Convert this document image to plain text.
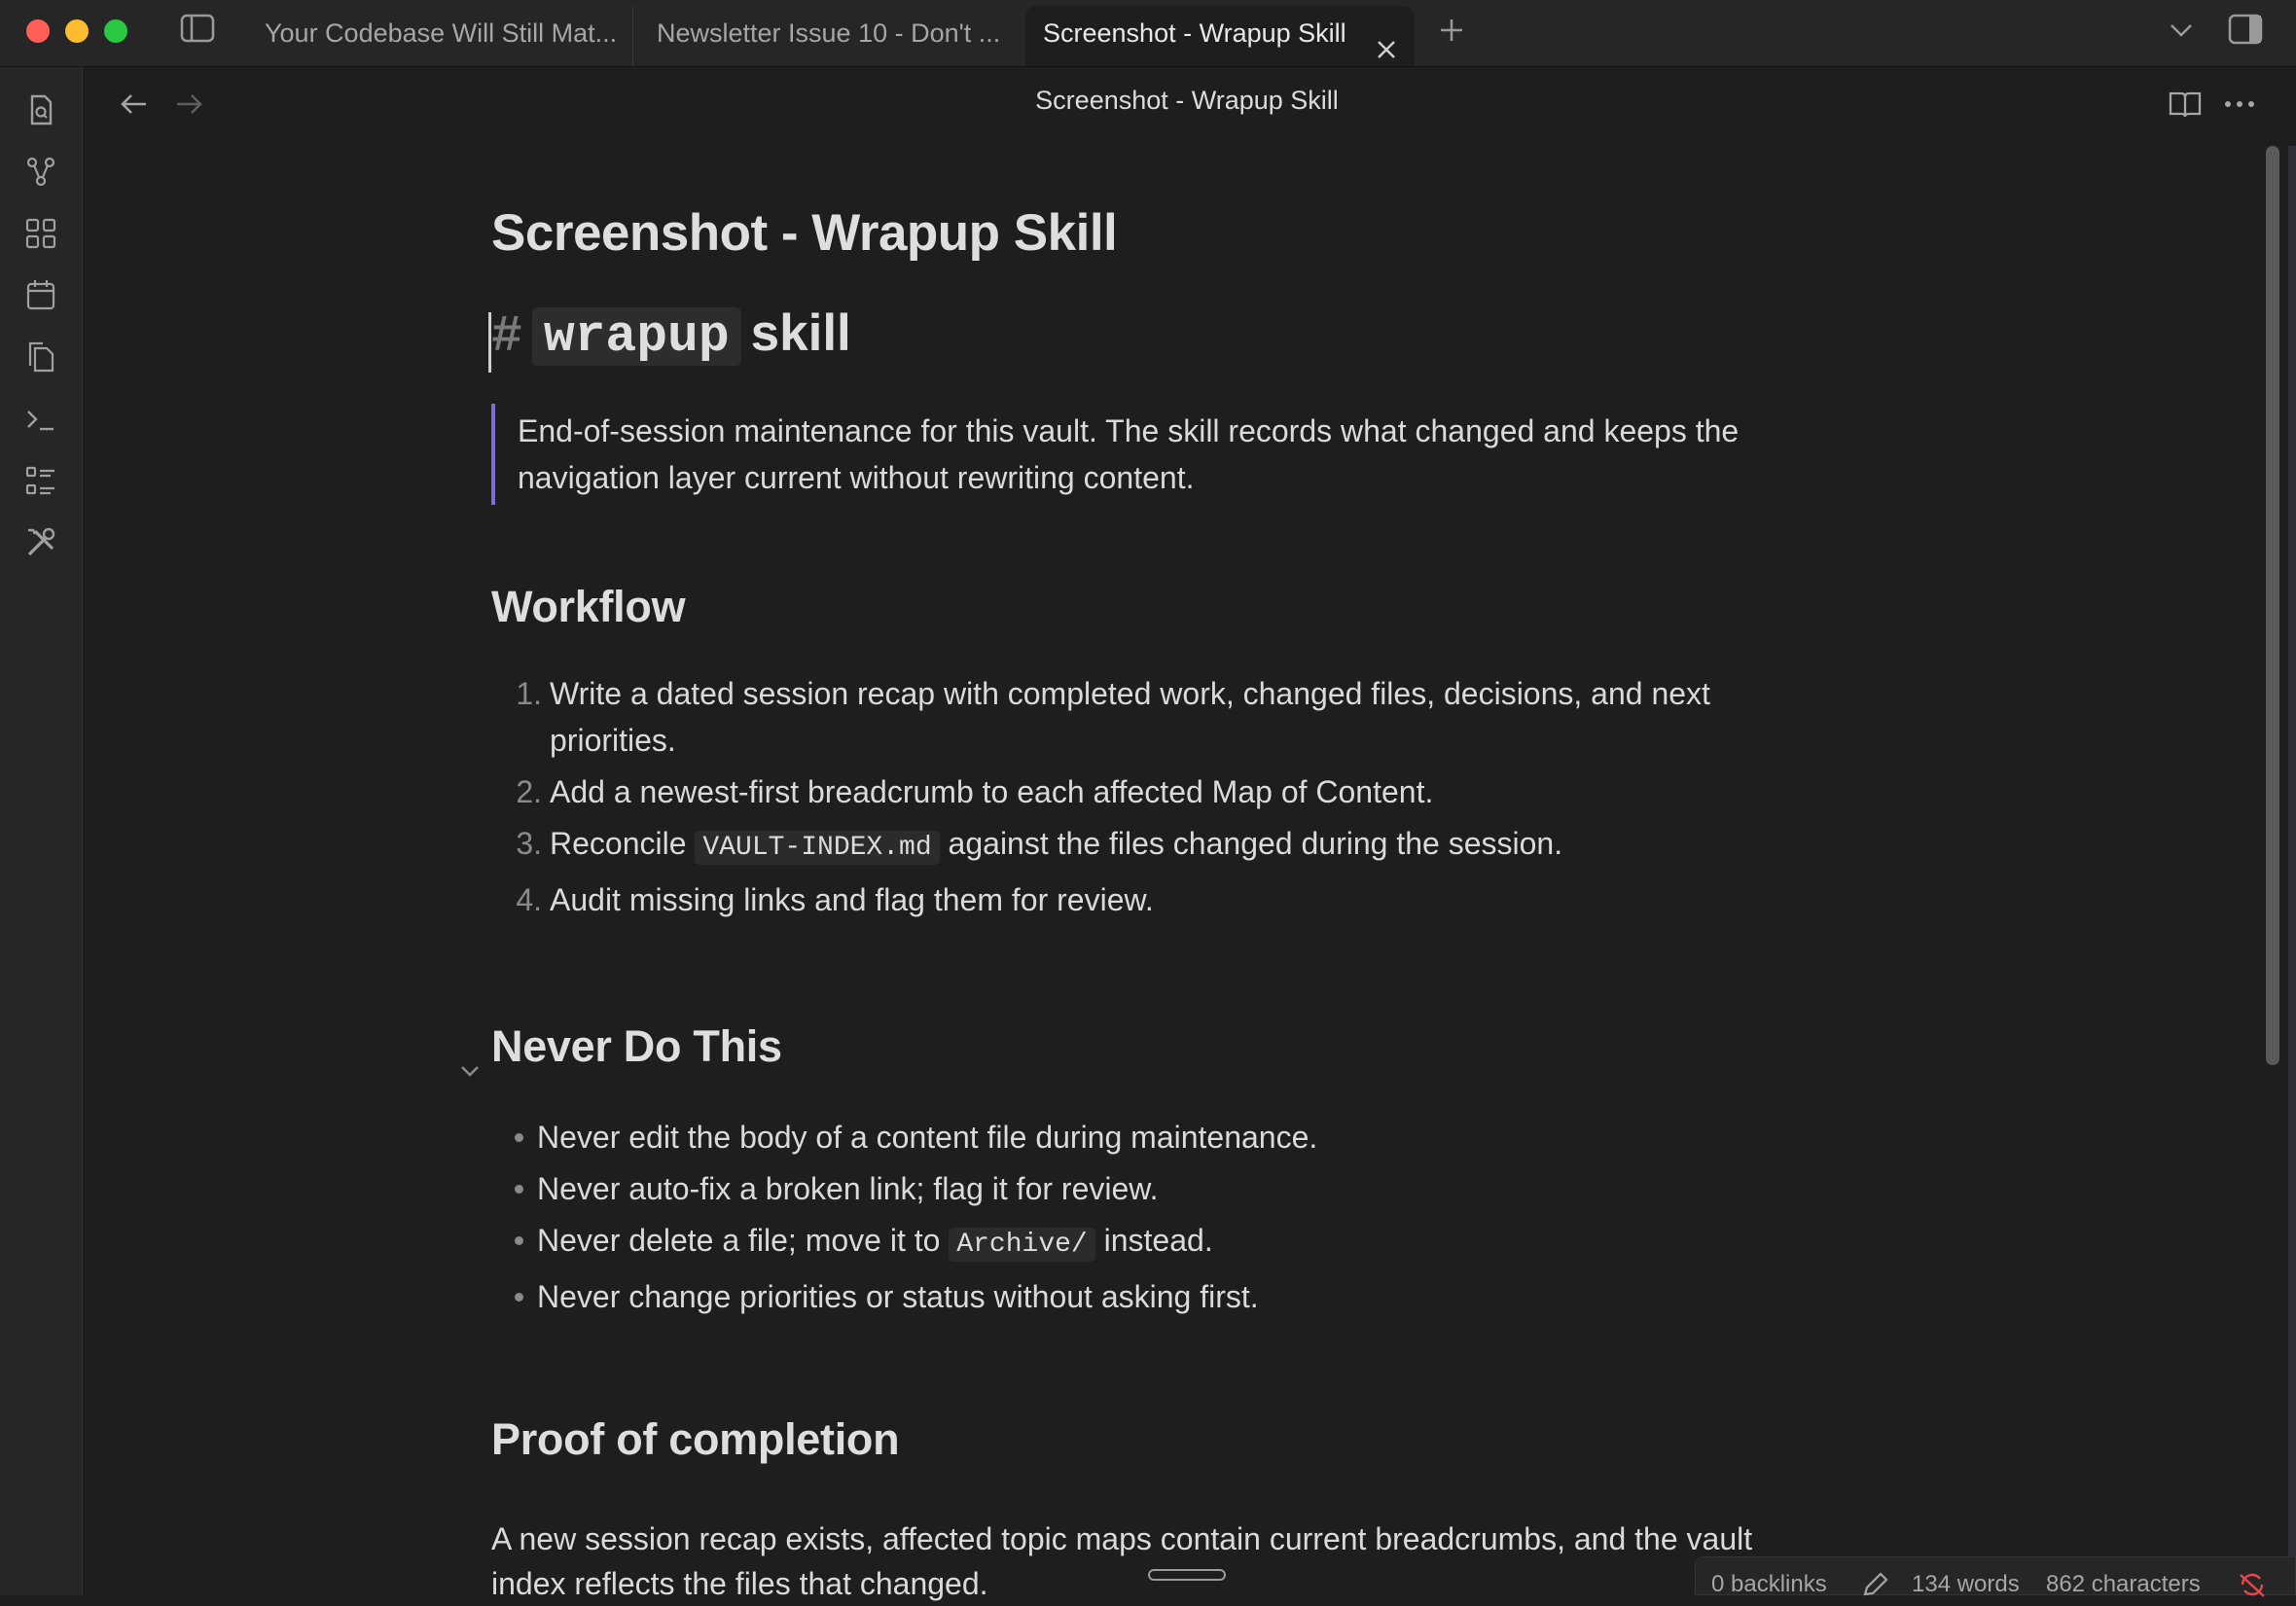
Your Codebase Will Still Mat...	Newsletter Issue 10 - Don't ...	Screenshot - Wrapup Skill
Screenshot - Wrapup Skill
Screenshot - Wrapup Skill
# wrapup skill
End-of-session maintenance for this vault. The skill records what changed and keeps the navigation layer current without rewriting content.
Workflow
1. Write a dated session recap with completed work, changed files, decisions, and next priorities.
2. Add a newest-first breadcrumb to each affected Map of Content.
3. Reconcile VAULT-INDEX.md against the files changed during the session.
4. Audit missing links and flag them for review.
Never Do This
Never edit the body of a content file during maintenance.
Never auto-fix a broken link; flag it for review.
Never delete a file; move it to Archive/ instead.
Never change priorities or status without asking first.
Proof of completion
A new session recap exists, affected topic maps contain current breadcrumbs, and the vault index reflects the files that changed.	0 backlinks	134 words 862 characters
